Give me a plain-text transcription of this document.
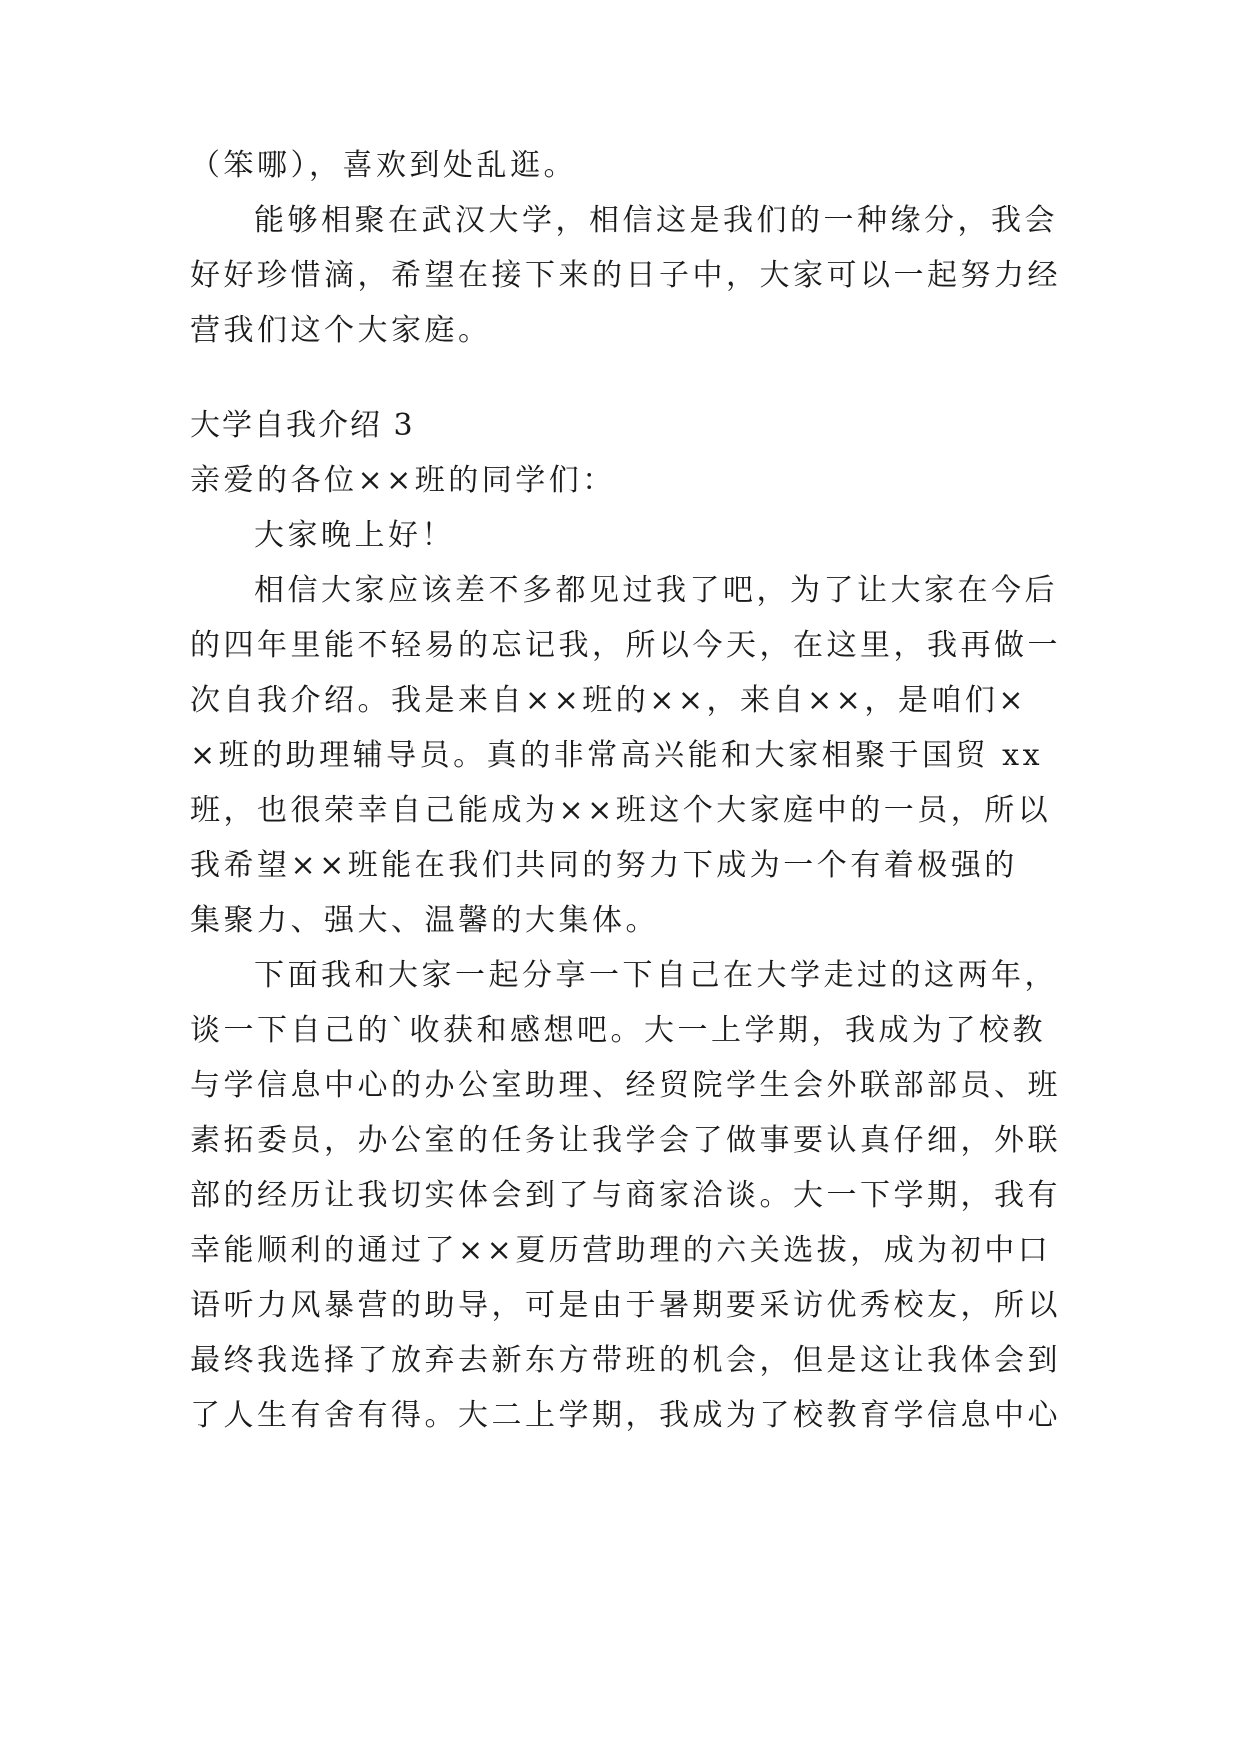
（笨哪），喜欢到处乱逛。

能够相聚在武汉大学，相信这是我们的一种缘分，我会

好好珍惜滴，希望在接下来的日子中，大家可以一起努力经

营我们这个大家庭。

大学自我介绍 3

亲爱的各位××班的同学们：

大家晚上好！

相信大家应该差不多都见过我了吧，为了让大家在今后

的四年里能不轻易的忘记我，所以今天，在这里，我再做一

次自我介绍。我是来自××班的××，来自××，是咱们×

×班的助理辅导员。真的非常高兴能和大家相聚于国贸 xx

班，也很荣幸自己能成为××班这个大家庭中的一员，所以

我希望××班能在我们共同的努力下成为一个有着极强的

集聚力、强大、温馨的大集体。

下面我和大家一起分享一下自己在大学走过的这两年，

谈一下自己的`收获和感想吧。大一上学期，我成为了校教

与学信息中心的办公室助理、经贸院学生会外联部部员、班

素拓委员，办公室的任务让我学会了做事要认真仔细，外联

部的经历让我切实体会到了与商家洽谈。大一下学期，我有

幸能顺利的通过了××夏历营助理的六关选拔，成为初中口

语听力风暴营的助导，可是由于暑期要采访优秀校友，所以

最终我选择了放弃去新东方带班的机会，但是这让我体会到

了人生有舍有得。大二上学期，我成为了校教育学信息中心
